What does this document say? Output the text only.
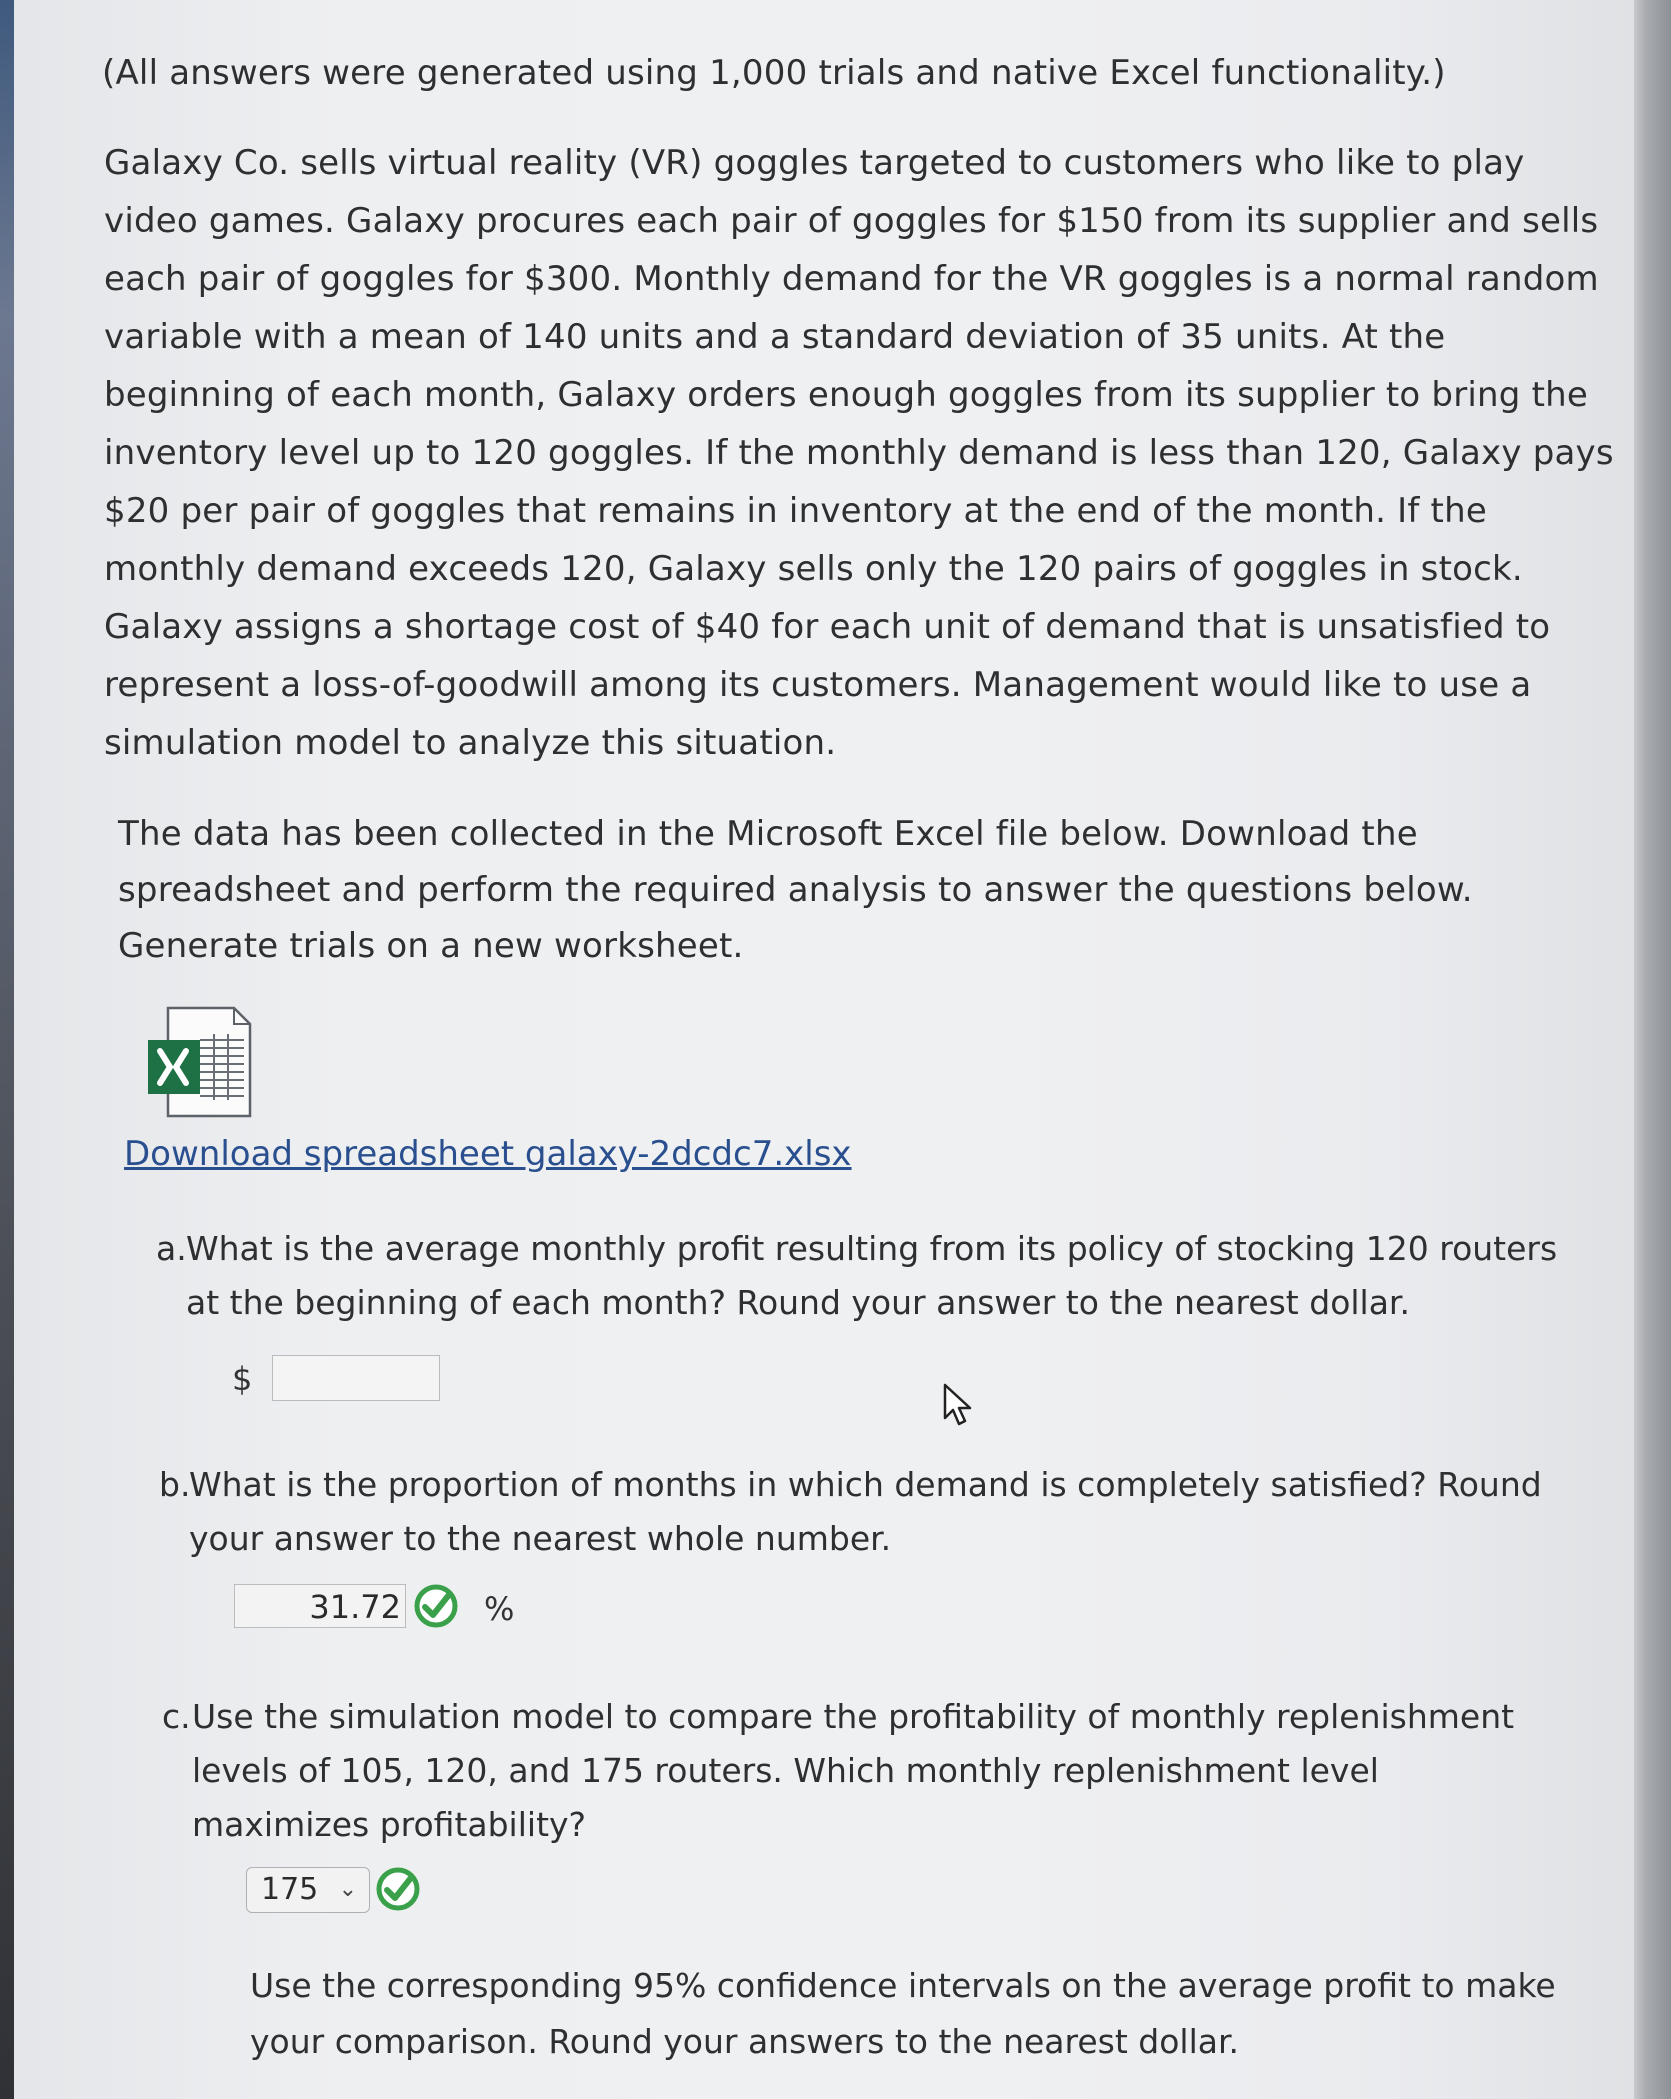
(All answers were generated using 1,000 trials and native Excel functionality.)
Galaxy Co. sells virtual reality (VR) goggles targeted to customers who like to play video games. Galaxy procures each pair of goggles for $150 from its supplier and sells each pair of goggles for $300. Monthly demand for the VR goggles is a normal random variable with a mean of 140 units and a standard deviation of 35 units. At the beginning of each month, Galaxy orders enough goggles from its supplier to bring the inventory level up to 120 goggles. If the monthly demand is less than 120, Galaxy pays $20 per pair of goggles that remains in inventory at the end of the month. If the monthly demand exceeds 120, Galaxy sells only the 120 pairs of goggles in stock. Galaxy assigns a shortage cost of $40 for each unit of demand that is unsatisfied to represent a loss-of-goodwill among its customers. Management would like to use a simulation model to analyze this situation.
The data has been collected in the Microsoft Excel file below. Download the spreadsheet and perform the required analysis to answer the questions below. Generate trials on a new worksheet.
Download spreadsheet galaxy-2dcdc7.xlsx
a. What is the average monthly profit resulting from its policy of stocking 120 routers at the beginning of each month? Round your answer to the nearest dollar.
$
b.
What is the proportion of months in which demand is completely satisfied? Round your answer to the nearest whole number.
31.72	%
c. Use the simulation model to compare the profitability of monthly replenishment levels of 105, 120, and 175 routers. Which monthly replenishment level maximizes profitability?
175 ⌄
Use the corresponding 95% confidence intervals on the average profit to make your comparison. Round your answers to the nearest dollar.
